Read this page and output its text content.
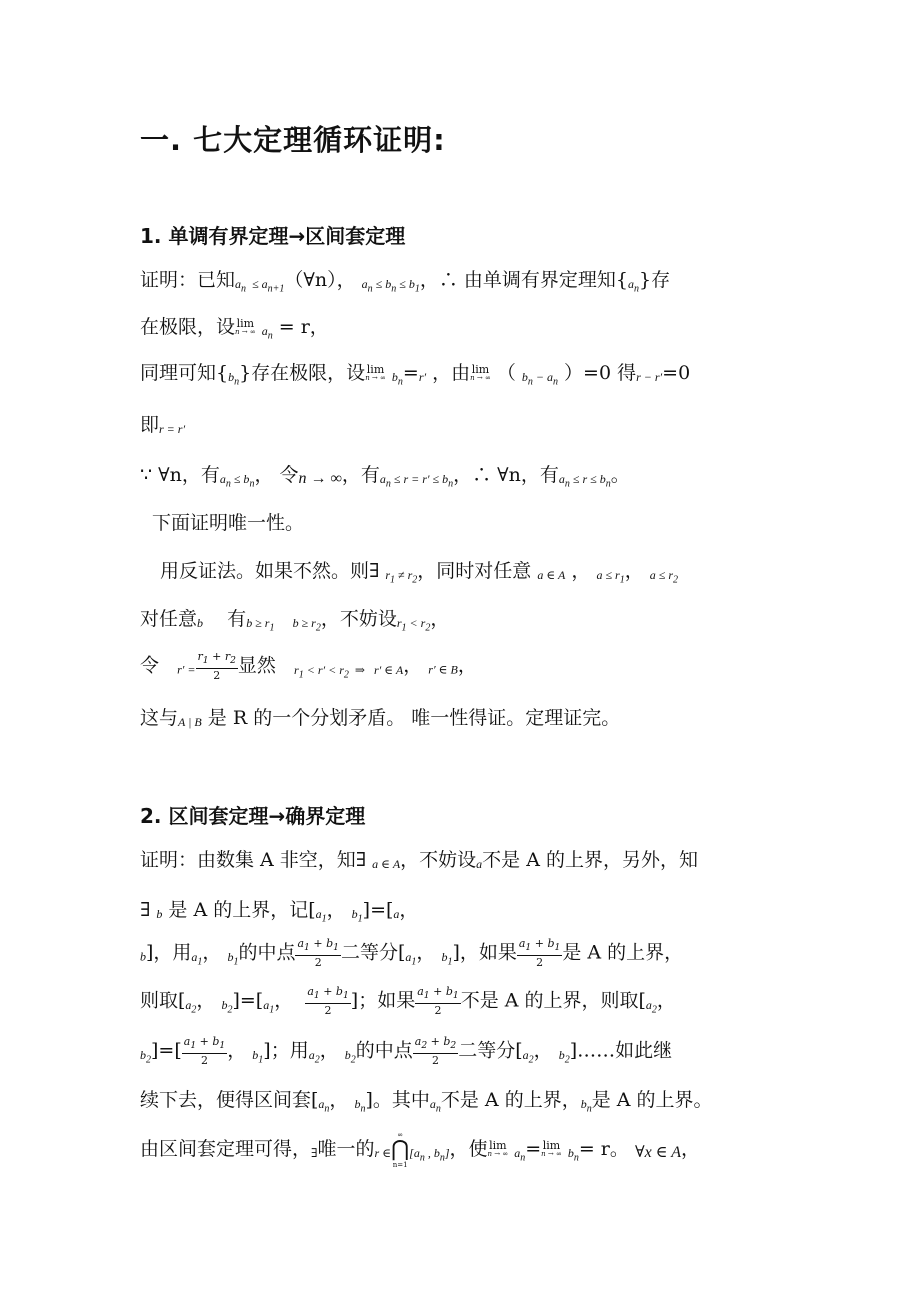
一. 七大定理循环证明:
1. 单调有界定理→区间套定理
证明：已知$a_n$ ≤ $a_{n+1}(\forall n)$， $a_n \le b_n \le b_1$，∴ 由单调有界定理知$\{a_n\}$存
在极限，设 lim
n → ∞ $a_n = r$，
同理可知$\{b_n\}$存在极限，设 lim
n → ∞ $b_n=r'$ ，由 lim
n → ∞ （ $b_n - a_n$ ）=0 得r − r′=0
即r = r′
∵ ∀n，有$a_n \le b_n$， 令n → ∞，有$a_n \le r = r' \le b_n$，∴ ∀n，有$a_n \le r \le b_n$。
下面证明唯一性。
用反证法。如果不然。则∃ $r_1 \ne r_2$，同时对任意 a ∈ A ， $a \le r_1$， $a \le r_2$
对任意b    有$b \ge r_1$ $b \ge r_2$，不妨设$r_1 < r_2$，
令   $r' = \frac{r_1 + r_2}{2}$ 显然   $r_1 < r' < r_2$  ⇒   r′ ∈ A， r′ ∈ B，
这与A | B 是 R 的一个分划矛盾。 唯一性得证。定理证完。
2. 区间套定理→确界定理
证明：由数集 A 非空，知∃ a ∈ A，不妨设a不是 A 的上界，另外，知
∃ b 是 A 的上界，记[$a_1$， $b_1]=[a$，
b]，用$a_1$， $b_1$的中点 $\frac{a_1 + b_1}{2}$ 二等分[$a_1$， $b_1$]，如果 $\frac{a_1 + b_1}{2}$ 是 A 的上界，
则取[$a_2$， $b_2]=[a_1$， $\frac{a_1 + b_1}{2}$ ]；如果 $\frac{a_1 + b_1}{2}$ 不是 A 的上界，则取[$a_2$，
$b_2]=[ \frac{a_1 + b_1}{2}$ ， $b_1$]；用$a_2$， $b_2$的中点 $\frac{a_2 + b_2}{2}$ 二等分[$a_2$， $b_2]\dots\dots$如此继
续下去，便得区间套[$a_n$， $b_n$]。其中$a_n$不是 A 的上界，$b_n$是 A 的上界。
由区间套定理可得，∃唯一的r ∈
∞
⋂
n=1
[$a_n$ , $b_n$]，使 lim
n → ∞ $a_n= \lim$
n → ∞ $b_n= r$。 ∀x ∈ A，
